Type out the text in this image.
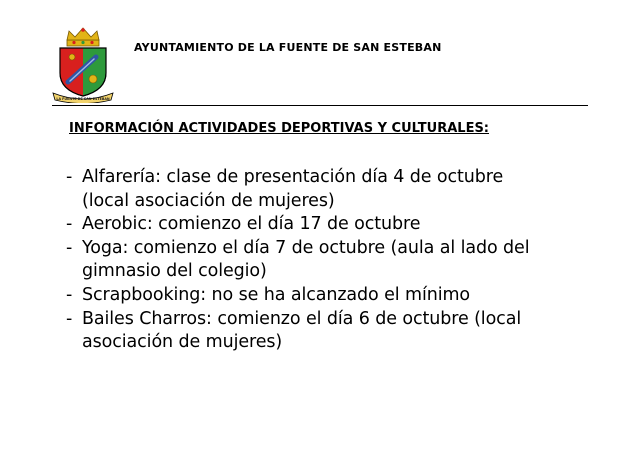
LA FUENTE DE SAN ESTEBAN
AYUNTAMIENTO DE LA FUENTE DE SAN ESTEBAN
INFORMACIÓN ACTIVIDADES DEPORTIVAS Y CULTURALES:
- Alfarería: clase de presentación día 4 de octubre
(local asociación de mujeres)
- Aerobic: comienzo el día 17 de octubre
- Yoga: comienzo el día 7 de octubre (aula al lado del
gimnasio del colegio)
- Scrapbooking: no se ha alcanzado el mínimo
- Bailes Charros: comienzo el día 6 de octubre (local
asociación de mujeres)
